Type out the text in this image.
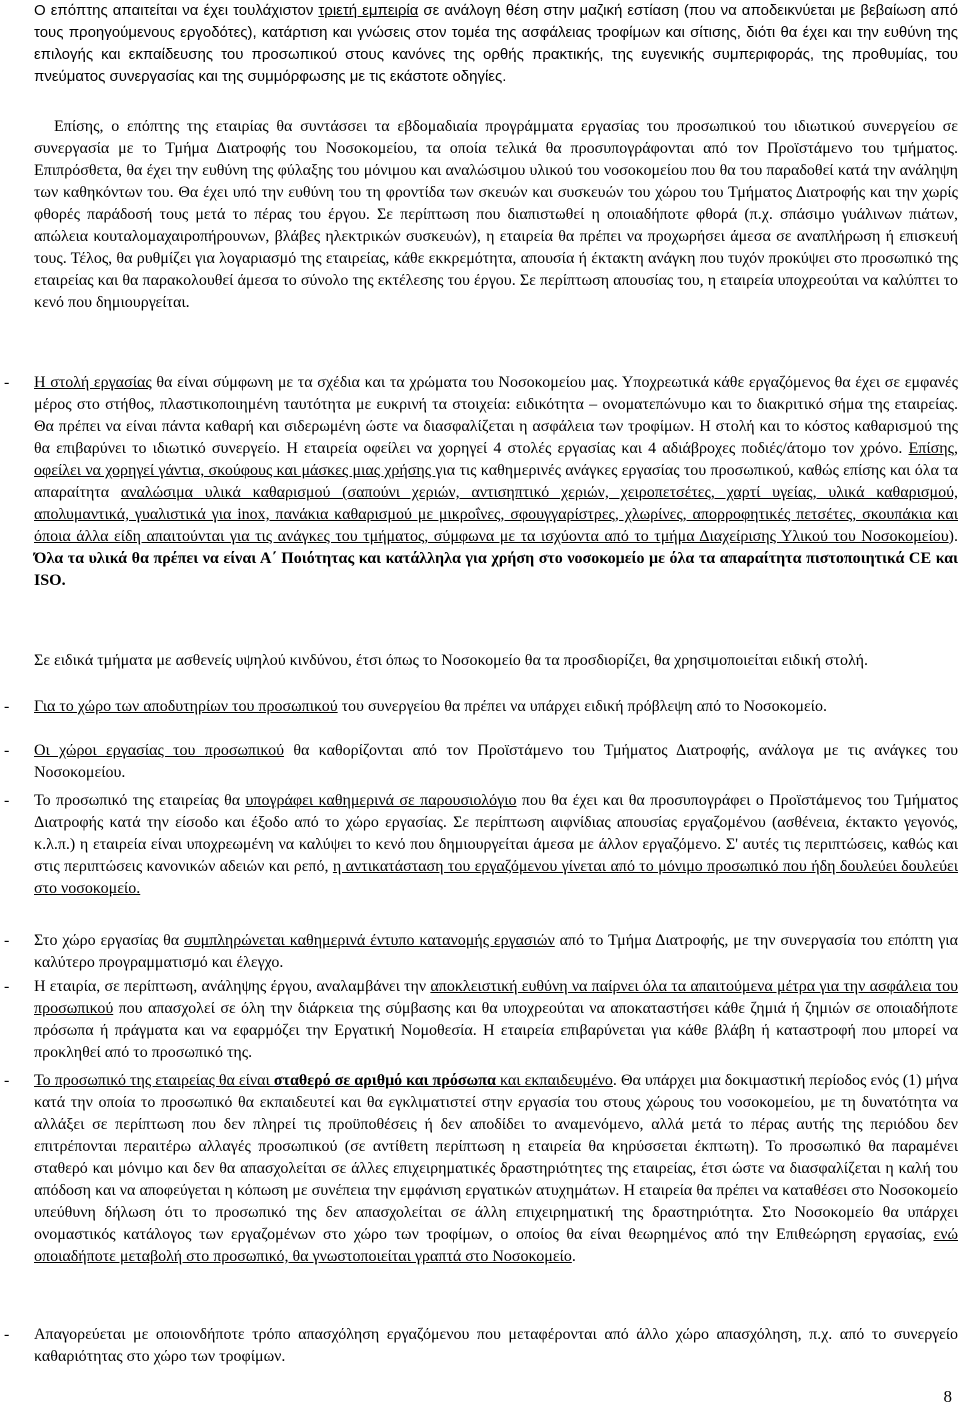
Ο επόπτης απαιτείται να έχει τουλάχιστον τριετή εμπειρία σε ανάλογη θέση στην μαζική εστίαση (που να αποδεικνύεται με βεβαίωση από τους προηγούμενους εργοδότες), κατάρτιση και γνώσεις στον τομέα της ασφάλειας τροφίμων και σίτισης, διότι θα έχει και την ευθύνη της επιλογής και εκπαίδευσης του προσωπικού στους κανόνες της ορθής πρακτικής, της ευγενικής συμπεριφοράς, της προθυμίας, του πνεύματος συνεργασίας και της συμμόρφωσης με τις εκάστοτε οδηγίες.
Επίσης, ο επόπτης της εταιρίας θα συντάσσει τα εβδομαδιαία προγράμματα εργασίας του προσωπικού του ιδιωτικού συνεργείου σε συνεργασία με το Τμήμα Διατροφής του Νοσοκομείου, τα οποία τελικά θα προσυπογράφονται από τον Προϊστάμενο του τμήματος. Επιπρόσθετα, θα έχει την ευθύνη της φύλαξης του μόνιμου και αναλώσιμου υλικού του νοσοκομείου που θα του παραδοθεί κατά την ανάληψη των καθηκόντων του. Θα έχει υπό την ευθύνη του τη φροντίδα των σκευών και συσκευών του χώρου του Τμήματος Διατροφής και την χωρίς φθορές παράδοσή τους μετά το πέρας του έργου. Σε περίπτωση που διαπιστωθεί η οποιαδήποτε φθορά (π.χ. σπάσιμο γυάλινων πιάτων, απώλεια κουταλομαχαιροπήρουνων, βλάβες ηλεκτρικών συσκευών), η εταιρεία θα πρέπει να προχωρήσει άμεσα σε αναπλήρωση ή επισκευή τους. Τέλος, θα ρυθμίζει για λογαριασμό της εταιρείας, κάθε εκκρεμότητα, απουσία ή έκτακτη ανάγκη που τυχόν προκύψει στο προσωπικό της εταιρείας και θα παρακολουθεί άμεσα το σύνολο της εκτέλεσης του έργου. Σε περίπτωση απουσίας του, η εταιρεία υποχρεούται να καλύπτει το κενό που δημιουργείται.
- Η στολή εργασίας θα είναι σύμφωνη με τα σχέδια και τα χρώματα του Νοσοκομείου μας. Υποχρεωτικά κάθε εργαζόμενος θα έχει σε εμφανές μέρος στο στήθος, πλαστικοποιημένη ταυτότητα με ευκρινή τα στοιχεία: ειδικότητα – ονοματεπώνυμο και το διακριτικό σήμα της εταιρείας. Θα πρέπει να είναι πάντα καθαρή και σιδερωμένη ώστε να διασφαλίζεται η ασφάλεια των τροφίμων. Η στολή και το κόστος καθαρισμού της θα επιβαρύνει το ιδιωτικό συνεργείο. Η εταιρεία οφείλει να χορηγεί 4 στολές εργασίας και 4 αδιάβροχες ποδιές/άτομο τον χρόνο. Επίσης, οφείλει να χορηγεί γάντια, σκούφους και μάσκες μιας χρήσης για τις καθημερινές ανάγκες εργασίας του προσωπικού, καθώς επίσης και όλα τα απαραίτητα αναλώσιμα υλικά καθαρισμού (σαπούνι χεριών, αντισηπτικό χεριών, χειροπετσέτες, χαρτί υγείας, υλικά καθαρισμού, απολυμαντικά, γυαλιστικά για inox, πανάκια καθαρισμού με μικροΐνες, σφουγγαρίστρες, χλωρίνες, απορροφητικές πετσέτες, σκουπάκια και όποια άλλα είδη απαιτούνται για τις ανάγκες του τμήματος, σύμφωνα με τα ισχύοντα από το τμήμα Διαχείρισης Υλικού του Νοσοκομείου). Όλα τα υλικά θα πρέπει να είναι Α΄ Ποιότητας και κατάλληλα για χρήση στο νοσοκομείο με όλα τα απαραίτητα πιστοποιητικά CE και ISO.
Σε ειδικά τμήματα με ασθενείς υψηλού κινδύνου, έτσι όπως το Νοσοκομείο θα τα προσδιορίζει, θα χρησιμοποιείται ειδική στολή.
- Για το χώρο των αποδυτηρίων του προσωπικού του συνεργείου θα πρέπει να υπάρχει ειδική πρόβλεψη από το Νοσοκομείο.
- Οι χώροι εργασίας του προσωπικού θα καθορίζονται από τον Προϊστάμενο του Τμήματος Διατροφής, ανάλογα με τις ανάγκες του Νοσοκομείου.
- Το προσωπικό της εταιρείας θα υπογράφει καθημερινά σε παρουσιολόγιο που θα έχει και θα προσυπογράφει ο Προϊστάμενος του Τμήματος Διατροφής κατά την είσοδο και έξοδο από το χώρο εργασίας. Σε περίπτωση αιφνίδιας απουσίας εργαζομένου (ασθένεια, έκτακτο γεγονός, κ.λ.π.) η εταιρεία είναι υποχρεωμένη να καλύψει το κενό που δημιουργείται άμεσα με άλλον εργαζόμενο. Σ' αυτές τις περιπτώσεις, καθώς και στις περιπτώσεις κανονικών αδειών και ρεπό, η αντικατάσταση του εργαζόμενου γίνεται από το μόνιμο προσωπικό που ήδη δουλεύει δουλεύει στο νοσοκομείο.
- Στο χώρο εργασίας θα συμπληρώνεται καθημερινά έντυπο κατανομής εργασιών από το Τμήμα Διατροφής, με την συνεργασία του επόπτη για καλύτερο προγραμματισμό και έλεγχο.
- Η εταιρία, σε περίπτωση, ανάληψης έργου, αναλαμβάνει την αποκλειστική ευθύνη να παίρνει όλα τα απαιτούμενα μέτρα για την ασφάλεια του προσωπικού που απασχολεί σε όλη την διάρκεια της σύμβασης και θα υποχρεούται να αποκαταστήσει κάθε ζημιά ή ζημιών σε οποιαδήποτε πρόσωπα ή πράγματα και να εφαρμόζει την Εργατική Νομοθεσία. Η εταιρεία επιβαρύνεται για κάθε βλάβη ή καταστροφή που μπορεί να προκληθεί από το προσωπικό της.
- Το προσωπικό της εταιρείας θα είναι σταθερό σε αριθμό και πρόσωπα και εκπαιδευμένο. Θα υπάρχει μια δοκιμαστική περίοδος ενός (1) μήνα κατά την οποία το προσωπικό θα εκπαιδευτεί και θα εγκλιματιστεί στην εργασία του στους χώρους του νοσοκομείου, με τη δυνατότητα να αλλάξει σε περίπτωση που δεν πληρεί τις προϋποθέσεις ή δεν αποδίδει το αναμενόμενο, αλλά μετά το πέρας αυτής της περιόδου δεν επιτρέπονται περαιτέρω αλλαγές προσωπικού (σε αντίθετη περίπτωση η εταιρεία θα κηρύσσεται έκπτωτη). Το προσωπικό θα παραμένει σταθερό και μόνιμο και δεν θα απασχολείται σε άλλες επιχειρηματικές δραστηριότητες της εταιρείας, έτσι ώστε να διασφαλίζεται η καλή του απόδοση και να αποφεύγεται η κόπωση με συνέπεια την εμφάνιση εργατικών ατυχημάτων. Η εταιρεία θα πρέπει να καταθέσει στο Νοσοκομείο υπεύθυνη δήλωση ότι το προσωπικό της δεν απασχολείται σε άλλη επιχειρηματική της δραστηριότητα. Στο Νοσοκομείο θα υπάρχει ονομαστικός κατάλογος των εργαζομένων στο χώρο των τροφίμων, ο οποίος θα είναι θεωρημένος από την Επιθεώρηση εργασίας, ενώ οποιαδήποτε μεταβολή στο προσωπικό, θα γνωστοποιείται γραπτά στο Νοσοκομείο.
- Απαγορεύεται με οποιονδήποτε τρόπο απασχόληση εργαζόμενου που μεταφέρονται από άλλο χώρο απασχόληση, π.χ. από το συνεργείο καθαριότητας στο χώρο των τροφίμων.
8
